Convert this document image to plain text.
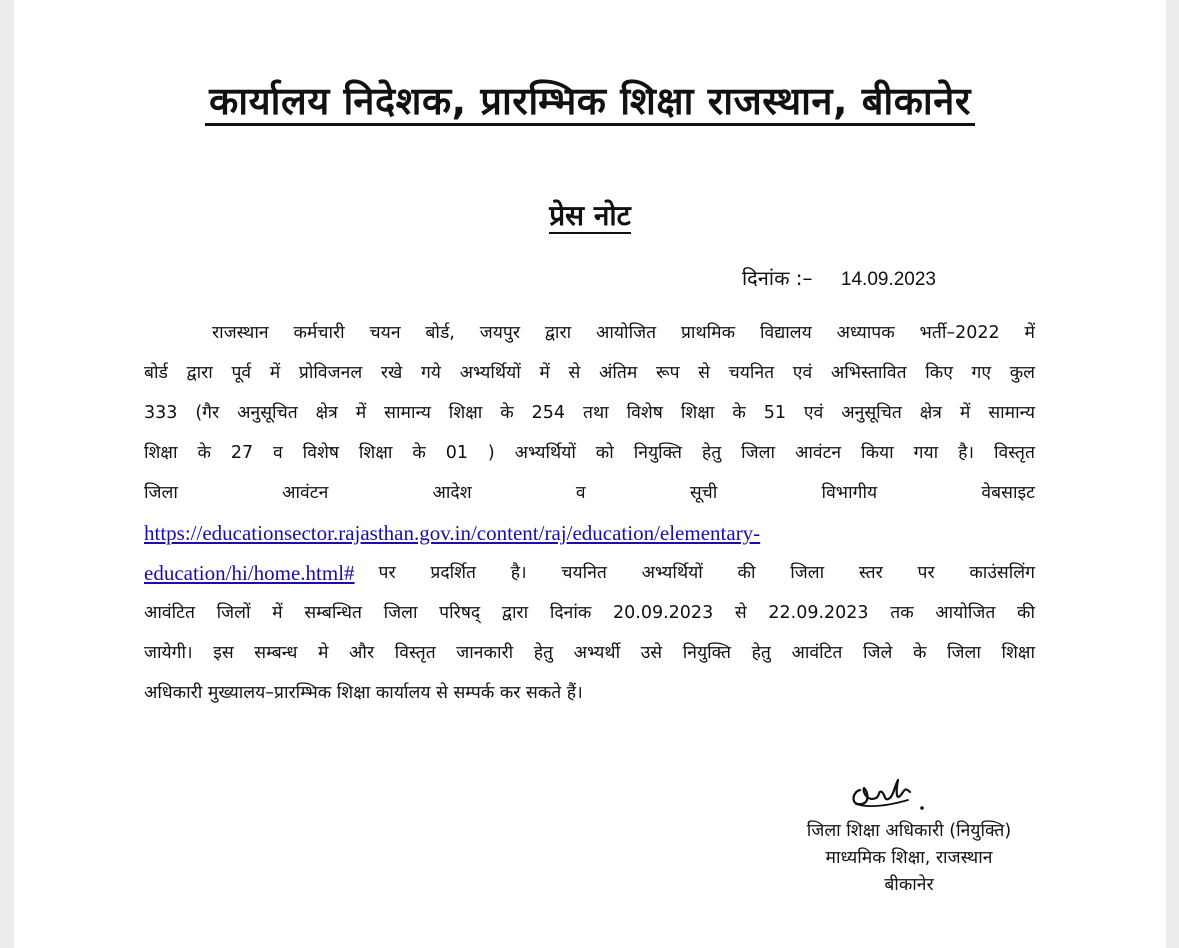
कार्यालय निदेशक, प्रारम्भिक शिक्षा राजस्थान, बीकानेर
प्रेस नोट
दिनांक :– 14.09.2023
राजस्थान कर्मचारी चयन बोर्ड, जयपुर द्वारा आयोजित प्राथमिक विद्यालय अध्यापक भर्ती–2022 में
बोर्ड द्वारा पूर्व में प्रोविजनल रखे गये अभ्यर्थियों में से अंतिम रूप से चयनित एवं अभिस्तावित किए गए कुल
333 (गैर अनुसूचित क्षेत्र में सामान्य शिक्षा के 254 तथा विशेष शिक्षा के 51 एवं अनुसूचित क्षेत्र में सामान्य
शिक्षा के 27 व विशेष शिक्षा के 01 ) अभ्यर्थियों को नियुक्ति हेतु जिला आवंटन किया गया है। विस्तृत
जिला	आवंटन	आदेश	व	सूची	विभागीय	वेबसाइट
https://educationsector.rajasthan.gov.in/content/raj/education/elementary-
education/hi/home.html# पर प्रदर्शित है। चयनित अभ्यर्थियों की जिला स्तर पर काउंसलिंग
आवंटित जिलों में सम्बन्धित जिला परिषद् द्वारा दिनांक 20.09.2023 से 22.09.2023 तक आयोजित की
जायेगी। इस सम्बन्ध मे और विस्तृत जानकारी हेतु अभ्यर्थी उसे नियुक्ति हेतु आवंटित जिले के जिला शिक्षा
अधिकारी मुख्यालय–प्रारम्भिक शिक्षा कार्यालय से सम्पर्क कर सकते हैं।
जिला शिक्षा अधिकारी (नियुक्ति)
माध्यमिक शिक्षा, राजस्थान
बीकानेर
